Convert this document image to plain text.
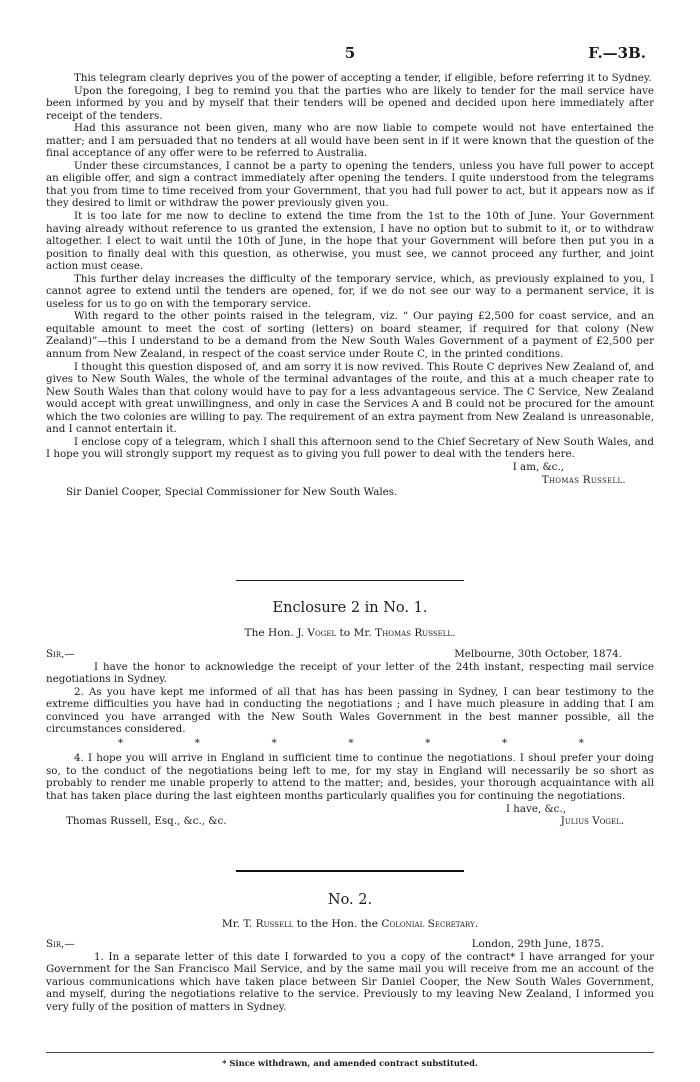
5	F.—3B.

This telegram clearly deprives you of the power of accepting a tender, if eligible, before referring it to Sydney.

Upon the foregoing, I beg to remind you that the parties who are likely to tender for the mail service have been informed by you and by myself that their tenders will be opened and decided upon here immediately after receipt of the tenders.

Had this assurance not been given, many who are now liable to compete would not have entertained the matter; and I am persuaded that no tenders at all would have been sent in if it were known that the question of the final acceptance of any offer were to be referred to Australia.

Under these circumstances, I cannot be a party to opening the tenders, unless you have full power to accept an eligible offer, and sign a contract immediately after opening the tenders. I quite understood from the telegrams that you from time to time received from your Government, that you had full power to act, but it appears now as if they desired to limit or withdraw the power previously given you.

It is too late for me now to decline to extend the time from the 1st to the 10th of June. Your Government having already without reference to us granted the extension, I have no option but to submit to it, or to withdraw altogether. I elect to wait until the 10th of June, in the hope that your Government will before then put you in a position to finally deal with this question, as otherwise, you must see, we cannot proceed any further, and joint action must cease.

This further delay increases the difficulty of the temporary service, which, as previously explained to you, I cannot agree to extend until the tenders are opened, for, if we do not see our way to a permanent service, it is useless for us to go on with the temporary service.

With regard to the other points raised in the telegram, viz. “ Our paying £2,500 for coast service, and an equitable amount to meet the cost of sorting (letters) on board steamer, if required for that colony (New Zealand)”—this I understand to be a demand from the New South Wales Government of a payment of £2,500 per annum from New Zealand, in respect of the coast service under Route C, in the printed conditions.

I thought this question disposed of, and am sorry it is now revived. This Route C deprives New Zealand of, and gives to New South Wales, the whole of the terminal advantages of the route, and this at a much cheaper rate to New South Wales than that colony would have to pay for a less advantageous service. The C Service, New Zealand would accept with great unwillingness, and only in case the Services A and B could not be procured for the amount which the two colonies are willing to pay. The requirement of an extra payment from New Zealand is unreasonable, and I cannot entertain it.

I enclose copy of a telegram, which I shall this afternoon send to the Chief Secretary of New South Wales, and I hope you will strongly support my request as to giving you full power to deal with the tenders here.

I am, &c.,
Thomas Russell.
Sir Daniel Cooper, Special Commissioner for New South Wales.
Enclosure 2 in No. 1.
The Hon. J. Vogel to Mr. Thomas Russell.
Sir,—	Melbourne, 30th October, 1874.

I have the honor to acknowledge the receipt of your letter of the 24th instant, respecting mail service negotiations in Sydney.

2. As you have kept me informed of all that has has been passing in Sydney, I can bear testimony to the extreme difficulties you have had in conducting the negotiations ; and I have much pleasure in adding that I am convinced you have arranged with the New South Wales Government in the best manner possible, all the circumstances considered.

*	*	*	*	*	*	*

4. I hope you will arrive in England in sufficient time to continue the negotiations. I shoul prefer your doing so, to the conduct of the negotiations being left to me, for my stay in England will necessarily be so short as probably to render me unable properly to attend to the matter; and, besides, your thorough acquaintance with all that has taken place during the last eighteen months particularly qualifies you for continuing the negotiations.

I have, &c.,
Thomas Russell, Esq., &c., &c.	Julius Vogel.
No. 2.
Mr. T. Russell to the Hon. the Colonial Secretary.
Sir,—	London, 29th June, 1875.

1. In a separate letter of this date I forwarded to you a copy of the contract* I have arranged for your Government for the San Francisco Mail Service, and by the same mail you will receive from me an account of the various communications which have taken place between Sir Daniel Cooper, the New South Wales Government, and myself, during the negotiations relative to the service. Previously to my leaving New Zealand, I informed you very fully of the position of matters in Sydney.

* Since withdrawn, and amended contract substituted.
